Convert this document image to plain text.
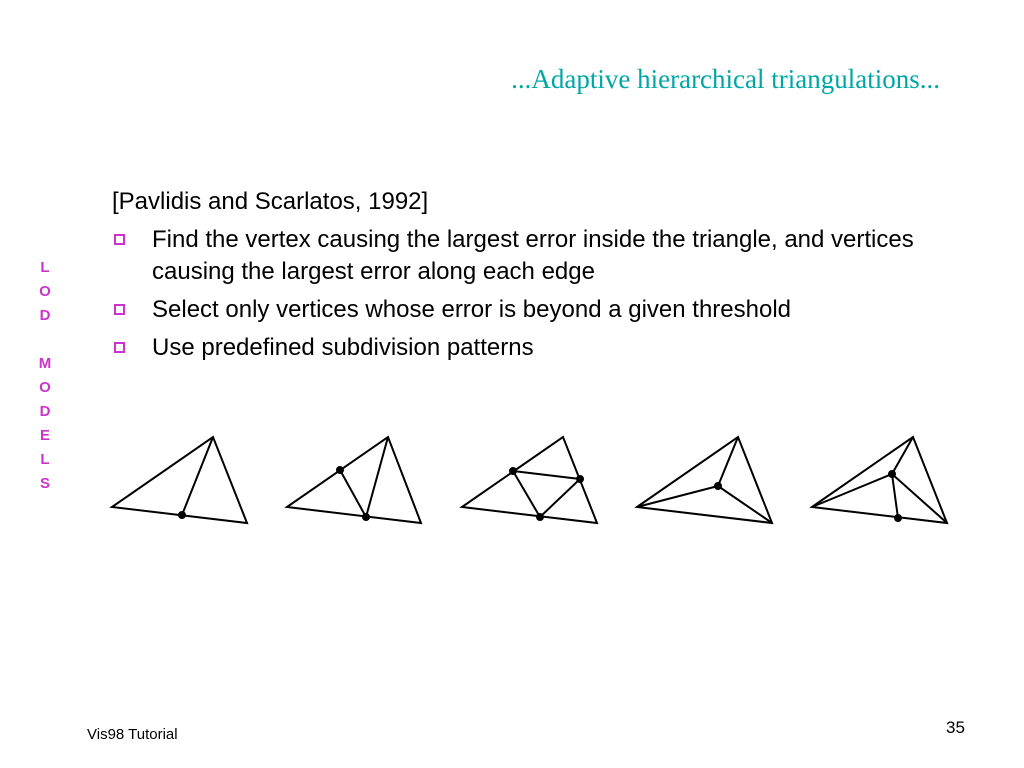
...Adaptive hierarchical triangulations...
L
O
D
M
O
D
E
L
S
[Pavlidis and Scarlatos, 1992]
Find the vertex causing the largest error inside the triangle, and vertices causing the largest error along each edge
Select only vertices whose error is beyond a given threshold
Use predefined subdivision patterns
Vis98 Tutorial	35
